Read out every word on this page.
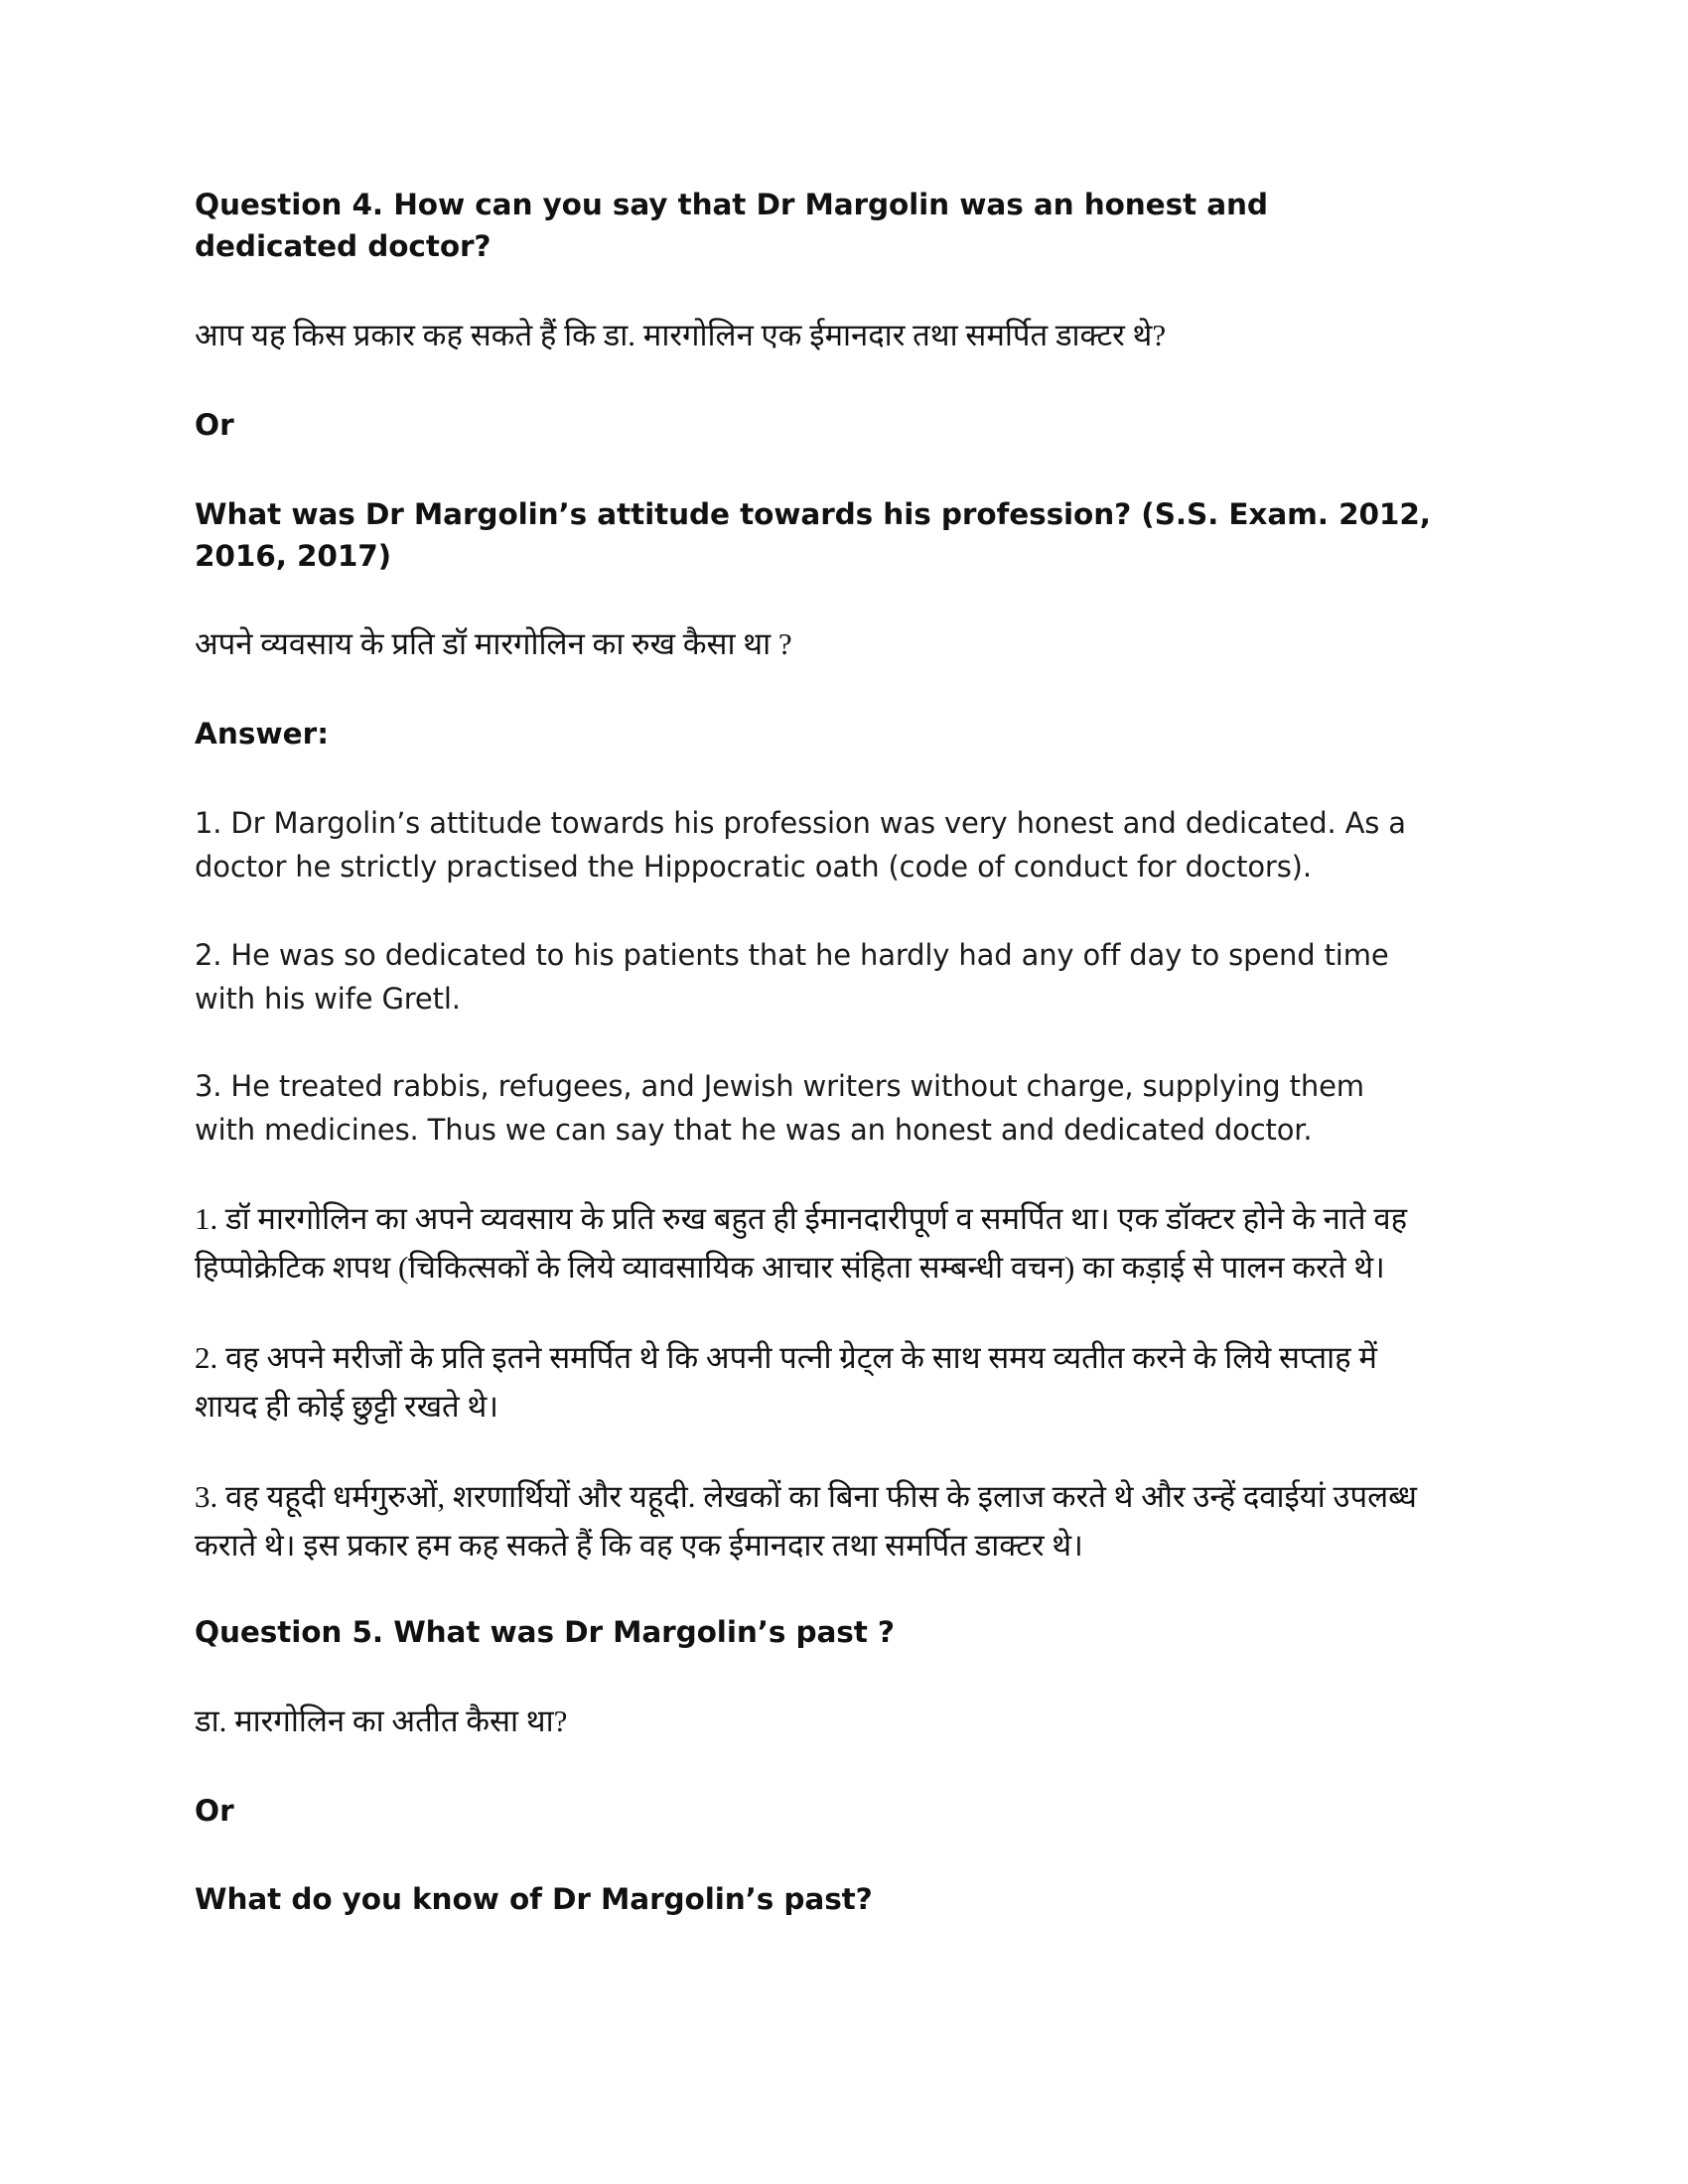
Question 4. How can you say that Dr Margolin was an honest and dedicated doctor?

आप यह किस प्रकार कह सकते हैं कि डा. मारगोलिन एक ईमानदार तथा समर्पित डाक्टर थे?

Or

What was Dr Margolin’s attitude towards his profession? (S.S. Exam. 2012, 2016, 2017)

अपने व्यवसाय के प्रति डॉ मारगोलिन का रुख कैसा था ?

Answer:

1. Dr Margolin’s attitude towards his profession was very honest and dedicated. As a doctor he strictly practised the Hippocratic oath (code of conduct for doctors).

2. He was so dedicated to his patients that he hardly had any off day to spend time with his wife Gretl.

3. He treated rabbis, refugees, and Jewish writers without charge, supplying them with medicines. Thus we can say that he was an honest and dedicated doctor.

1. डॉ मारगोलिन का अपने व्यवसाय के प्रति रुख बहुत ही ईमानदारीपूर्ण व समर्पित था। एक डॉक्टर होने के नाते वह हिप्पोक्रेटिक शपथ (चिकित्सकों के लिये व्यावसायिक आचार संहिता सम्बन्धी वचन) का कड़ाई से पालन करते थे।

2. वह अपने मरीजों के प्रति इतने समर्पित थे कि अपनी पत्नी ग्रेट्ल के साथ समय व्यतीत करने के लिये सप्ताह में शायद ही कोई छुट्टी रखते थे।

3. वह यहूदी धर्मगुरुओं, शरणार्थियों और यहूदी. लेखकों का बिना फीस के इलाज करते थे और उन्हें दवाईयां उपलब्ध कराते थे। इस प्रकार हम कह सकते हैं कि वह एक ईमानदार तथा समर्पित डाक्टर थे।

Question 5. What was Dr Margolin’s past ?

डा. मारगोलिन का अतीत कैसा था?

Or

What do you know of Dr Margolin’s past?
